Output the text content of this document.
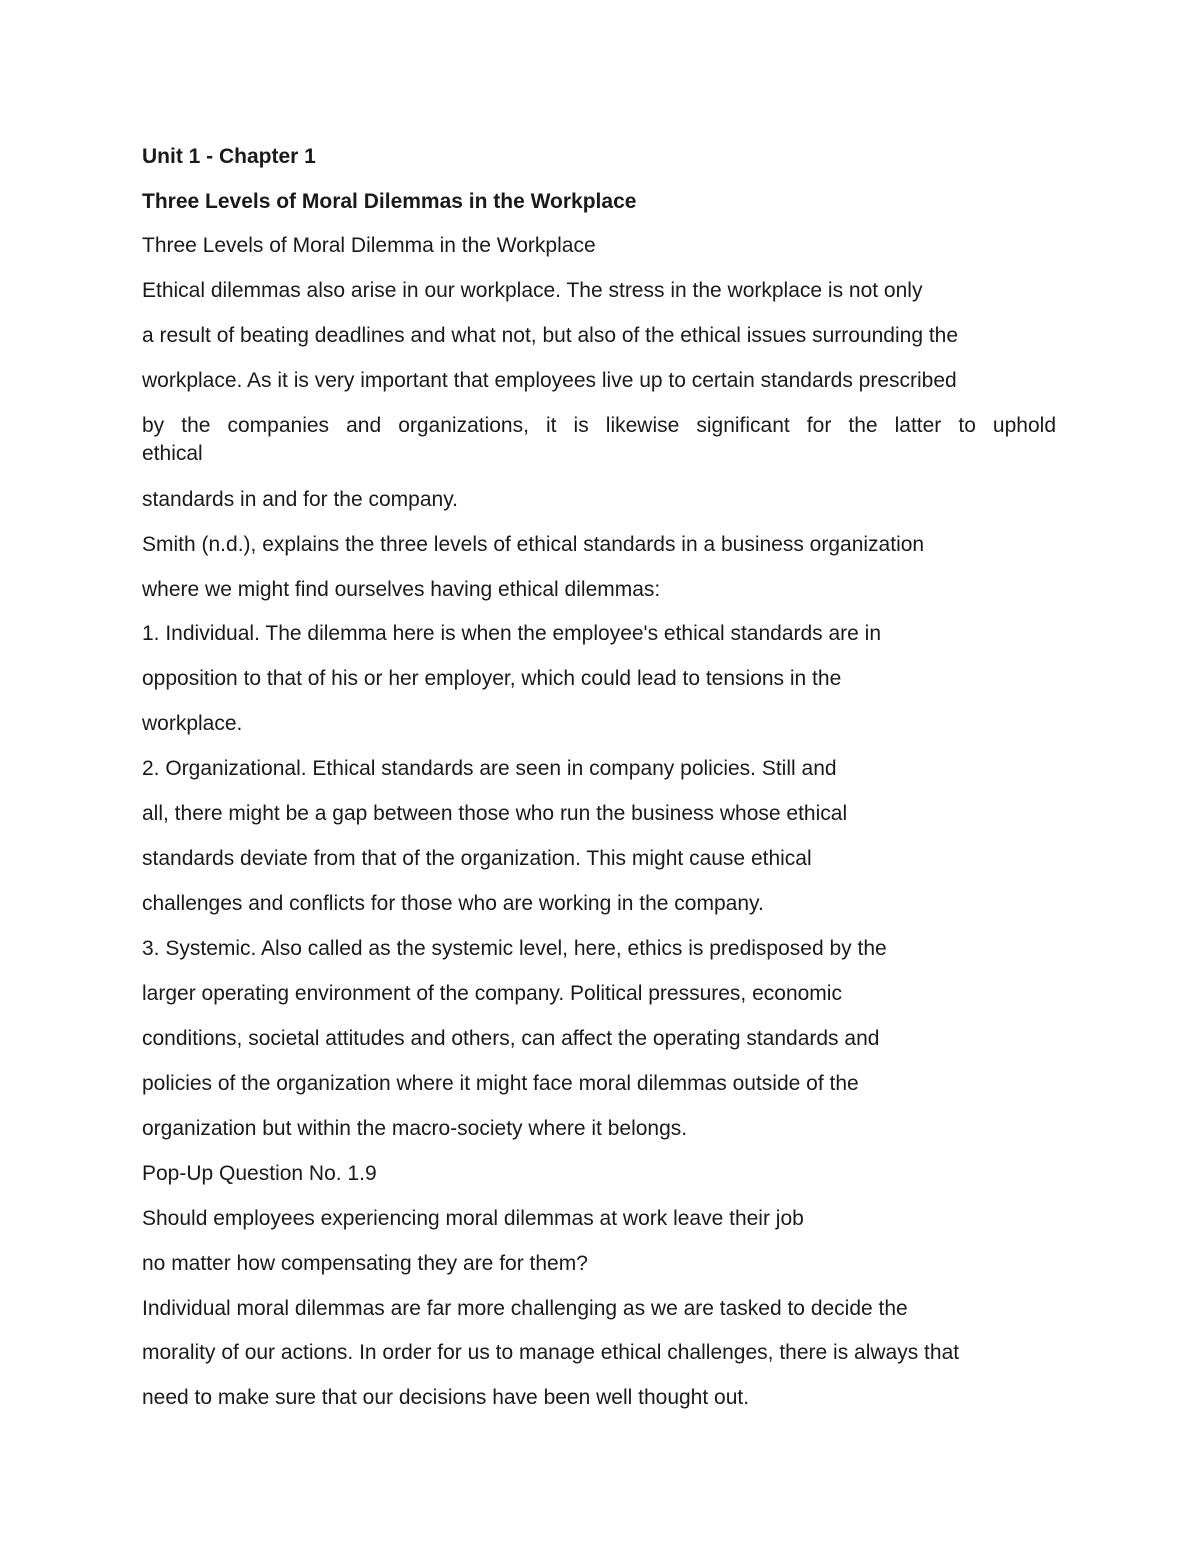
Unit 1 - Chapter 1

Three Levels of Moral Dilemmas in the Workplace

Three Levels of Moral Dilemma in the Workplace

Ethical dilemmas also arise in our workplace. The stress in the workplace is not only

a result of beating deadlines and what not, but also of the ethical issues surrounding the

workplace. As it is very important that employees live up to certain standards prescribed

by the companies and organizations, it is likewise significant for the latter to uphold

ethical

standards in and for the company.

Smith (n.d.), explains the three levels of ethical standards in a business organization

where we might find ourselves having ethical dilemmas:

1. Individual. The dilemma here is when the employee's ethical standards are in

opposition to that of his or her employer, which could lead to tensions in the

workplace.

2. Organizational. Ethical standards are seen in company policies. Still and

all, there might be a gap between those who run the business whose ethical

standards deviate from that of the organization. This might cause ethical

challenges and conflicts for those who are working in the company.

3. Systemic. Also called as the systemic level, here, ethics is predisposed by the

larger operating environment of the company. Political pressures, economic

conditions, societal attitudes and others, can affect the operating standards and

policies of the organization where it might face moral dilemmas outside of the

organization but within the macro-society where it belongs.

Pop-Up Question No. 1.9

Should employees experiencing moral dilemmas at work leave their job

no matter how compensating they are for them?

Individual moral dilemmas are far more challenging as we are tasked to decide the

morality of our actions. In order for us to manage ethical challenges, there is always that

need to make sure that our decisions have been well thought out.
